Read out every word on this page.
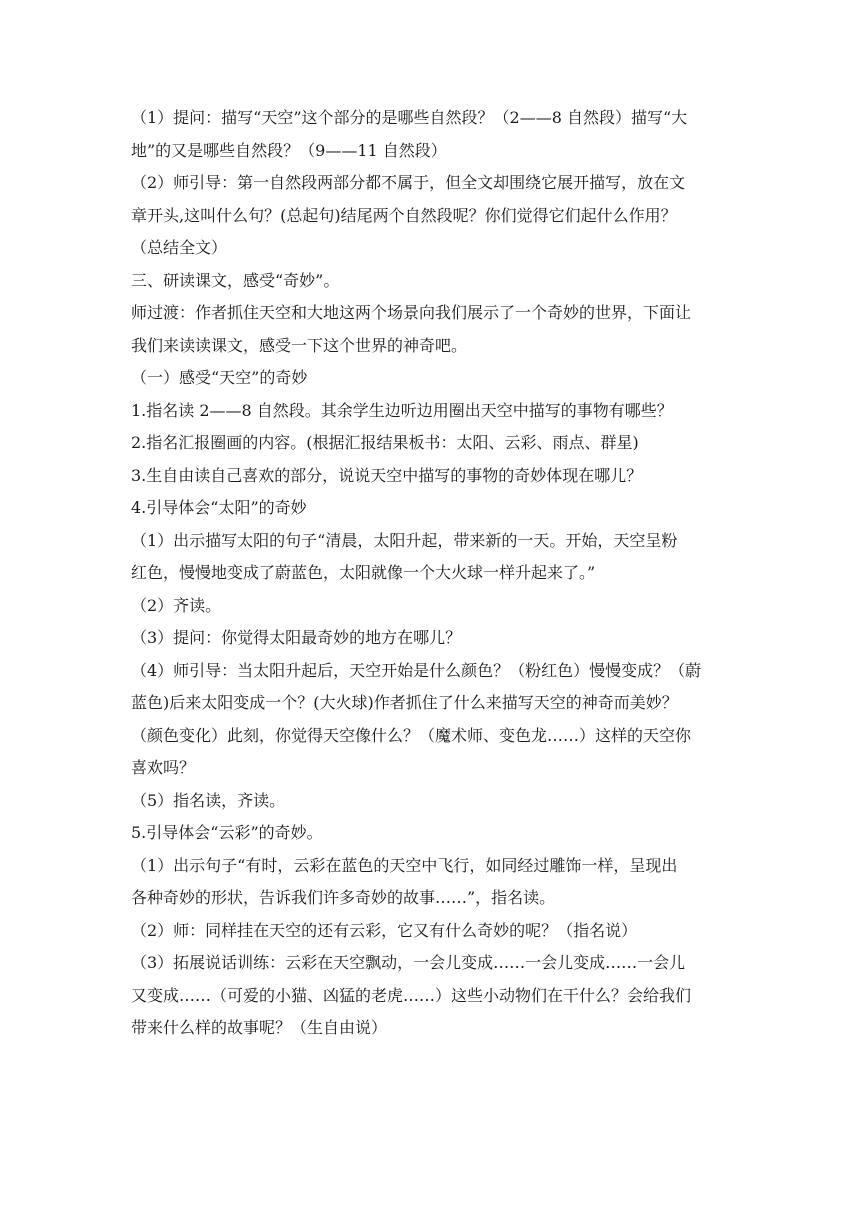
（1）提问：描写“天空”这个部分的是哪些自然段？（2——8 自然段）描写“大
地”的又是哪些自然段？（9——11 自然段）

（2）师引导：第一自然段两部分都不属于，但全文却围绕它展开描写，放在文
章开头,这叫什么句？(总起句)结尾两个自然段呢？你们觉得它们起什么作用？
（总结全文）

三、研读课文，感受“奇妙”。

师过渡：作者抓住天空和大地这两个场景向我们展示了一个奇妙的世界，下面让
我们来读读课文，感受一下这个世界的神奇吧。

（一）感受“天空”的奇妙

1.指名读 2——8 自然段。其余学生边听边用圈出天空中描写的事物有哪些？

2.指名汇报圈画的内容。(根据汇报结果板书：太阳、云彩、雨点、群星)

3.生自由读自己喜欢的部分，说说天空中描写的事物的奇妙体现在哪儿？

4.引导体会“太阳”的奇妙

（1）出示描写太阳的句子“清晨，太阳升起，带来新的一天。开始，天空呈粉
红色，慢慢地变成了蔚蓝色，太阳就像一个大火球一样升起来了。”

（2）齐读。

（3）提问：你觉得太阳最奇妙的地方在哪儿？

（4）师引导：当太阳升起后，天空开始是什么颜色？（粉红色）慢慢变成？（蔚
蓝色)后来太阳变成一个？(大火球)作者抓住了什么来描写天空的神奇而美妙？
（颜色变化）此刻，你觉得天空像什么？（魔术师、变色龙……）这样的天空你
喜欢吗？

（5）指名读，齐读。

5.引导体会“云彩”的奇妙。

（1）出示句子“有时，云彩在蓝色的天空中飞行，如同经过雕饰一样，呈现出
各种奇妙的形状，告诉我们许多奇妙的故事……”，指名读。

（2）师：同样挂在天空的还有云彩，它又有什么奇妙的呢？（指名说）

（3）拓展说话训练：云彩在天空飘动，一会儿变成……一会儿变成……一会儿
又变成……（可爱的小猫、凶猛的老虎……）这些小动物们在干什么？会给我们
带来什么样的故事呢？（生自由说）
